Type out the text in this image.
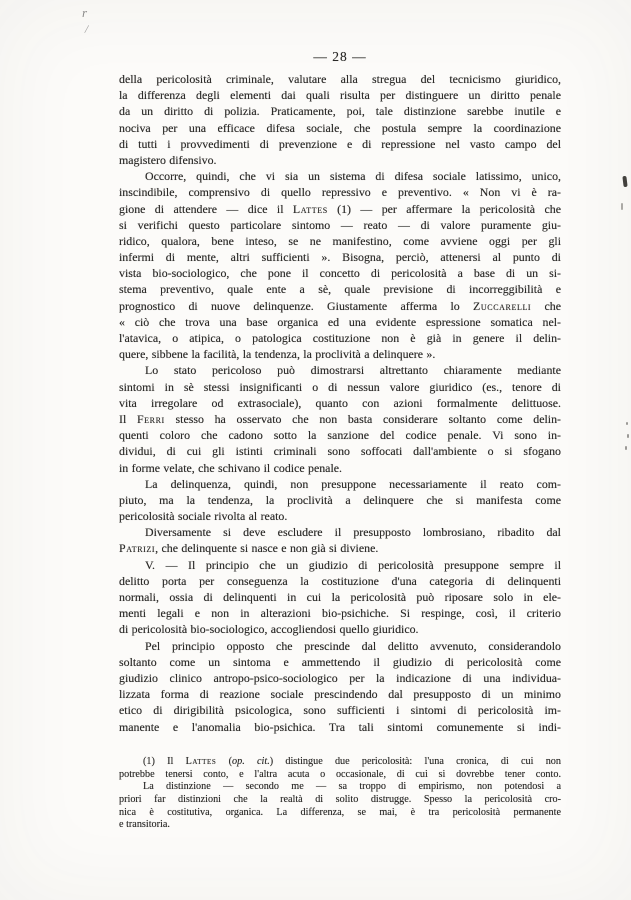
— 28 —
della pericolosità criminale, valutare alla stregua del tecnicismo giuridico,
la differenza degli elementi dai quali risulta per distinguere un diritto penale
da un diritto di polizia. Praticamente, poi, tale distinzione sarebbe inutile e
nociva per una efficace difesa sociale, che postula sempre la coordinazione
di tutti i provvedimenti di prevenzione e di repressione nel vasto campo del
magistero difensivo.
Occorre, quindi, che vi sia un sistema di difesa sociale latissimo, unico,
inscindibile, comprensivo di quello repressivo e preventivo. « Non vi è ra-
gione di attendere — dice il Lattes (1) — per affermare la pericolosità che
si verifichi questo particolare sintomo — reato — di valore puramente giu-
ridico, qualora, bene inteso, se ne manifestino, come avviene oggi per gli
infermi di mente, altri sufficienti ». Bisogna, perciò, attenersi al punto di
vista bio-sociologico, che pone il concetto di pericolosità a base di un si-
stema preventivo, quale ente a sè, quale previsione di incorreggibilità e
prognostico di nuove delinquenze. Giustamente afferma lo Zuccarelli che
« ciò che trova una base organica ed una evidente espressione somatica nel-
l'atavica, o atipica, o patologica costituzione non è già in genere il delin-
quere, sibbene la facilità, la tendenza, la proclività a delinquere ».
Lo stato pericoloso può dimostrarsi altrettanto chiaramente mediante
sintomi in sè stessi insignificanti o di nessun valore giuridico (es., tenore di
vita irregolare od extrasociale), quanto con azioni formalmente delittuose.
Il Ferri stesso ha osservato che non basta considerare soltanto come delin-
quenti coloro che cadono sotto la sanzione del codice penale. Vi sono in-
dividui, di cui gli istinti criminali sono soffocati dall'ambiente o si sfogano
in forme velate, che schivano il codice penale.
La delinquenza, quindi, non presuppone necessariamente il reato com-
piuto, ma la tendenza, la proclività a delinquere che si manifesta come
pericolosità sociale rivolta al reato.
Diversamente si deve escludere il presupposto lombrosiano, ribadito dal
Patrizi, che delinquente si nasce e non già si diviene.
V. — Il principio che un giudizio di pericolosità presuppone sempre il
delitto porta per conseguenza la costituzione d'una categoria di delinquenti
normali, ossia di delinquenti in cui la pericolosità può riposare solo in ele-
menti legali e non in alterazioni bio-psichiche. Si respinge, così, il criterio
di pericolosità bio-sociologico, accogliendosi quello giuridico.
Pel principio opposto che prescinde dal delitto avvenuto, considerandolo
soltanto come un sintoma e ammettendo il giudizio di pericolosità come
giudizio clinico antropo-psico-sociologico per la indicazione di una individua-
lizzata forma di reazione sociale prescindendo dal presupposto di un minimo
etico di dirigibilità psicologica, sono sufficienti i sintomi di pericolosità im-
manente e l'anomalia bio-psichica. Tra tali sintomi comunemente si indi-
(1) Il Lattes (op. cit.) distingue due pericolosità: l'una cronica, di cui non
potrebbe tenersi conto, e l'altra acuta o occasionale, di cui si dovrebbe tener conto.
La distinzione — secondo me — sa troppo di empirismo, non potendosi a
priori far distinzioni che la realtà di solito distrugge. Spesso la pericolosità cro-
nica è costitutiva, organica. La differenza, se mai, è tra pericolosità permanente
e transitoria.
r
/
